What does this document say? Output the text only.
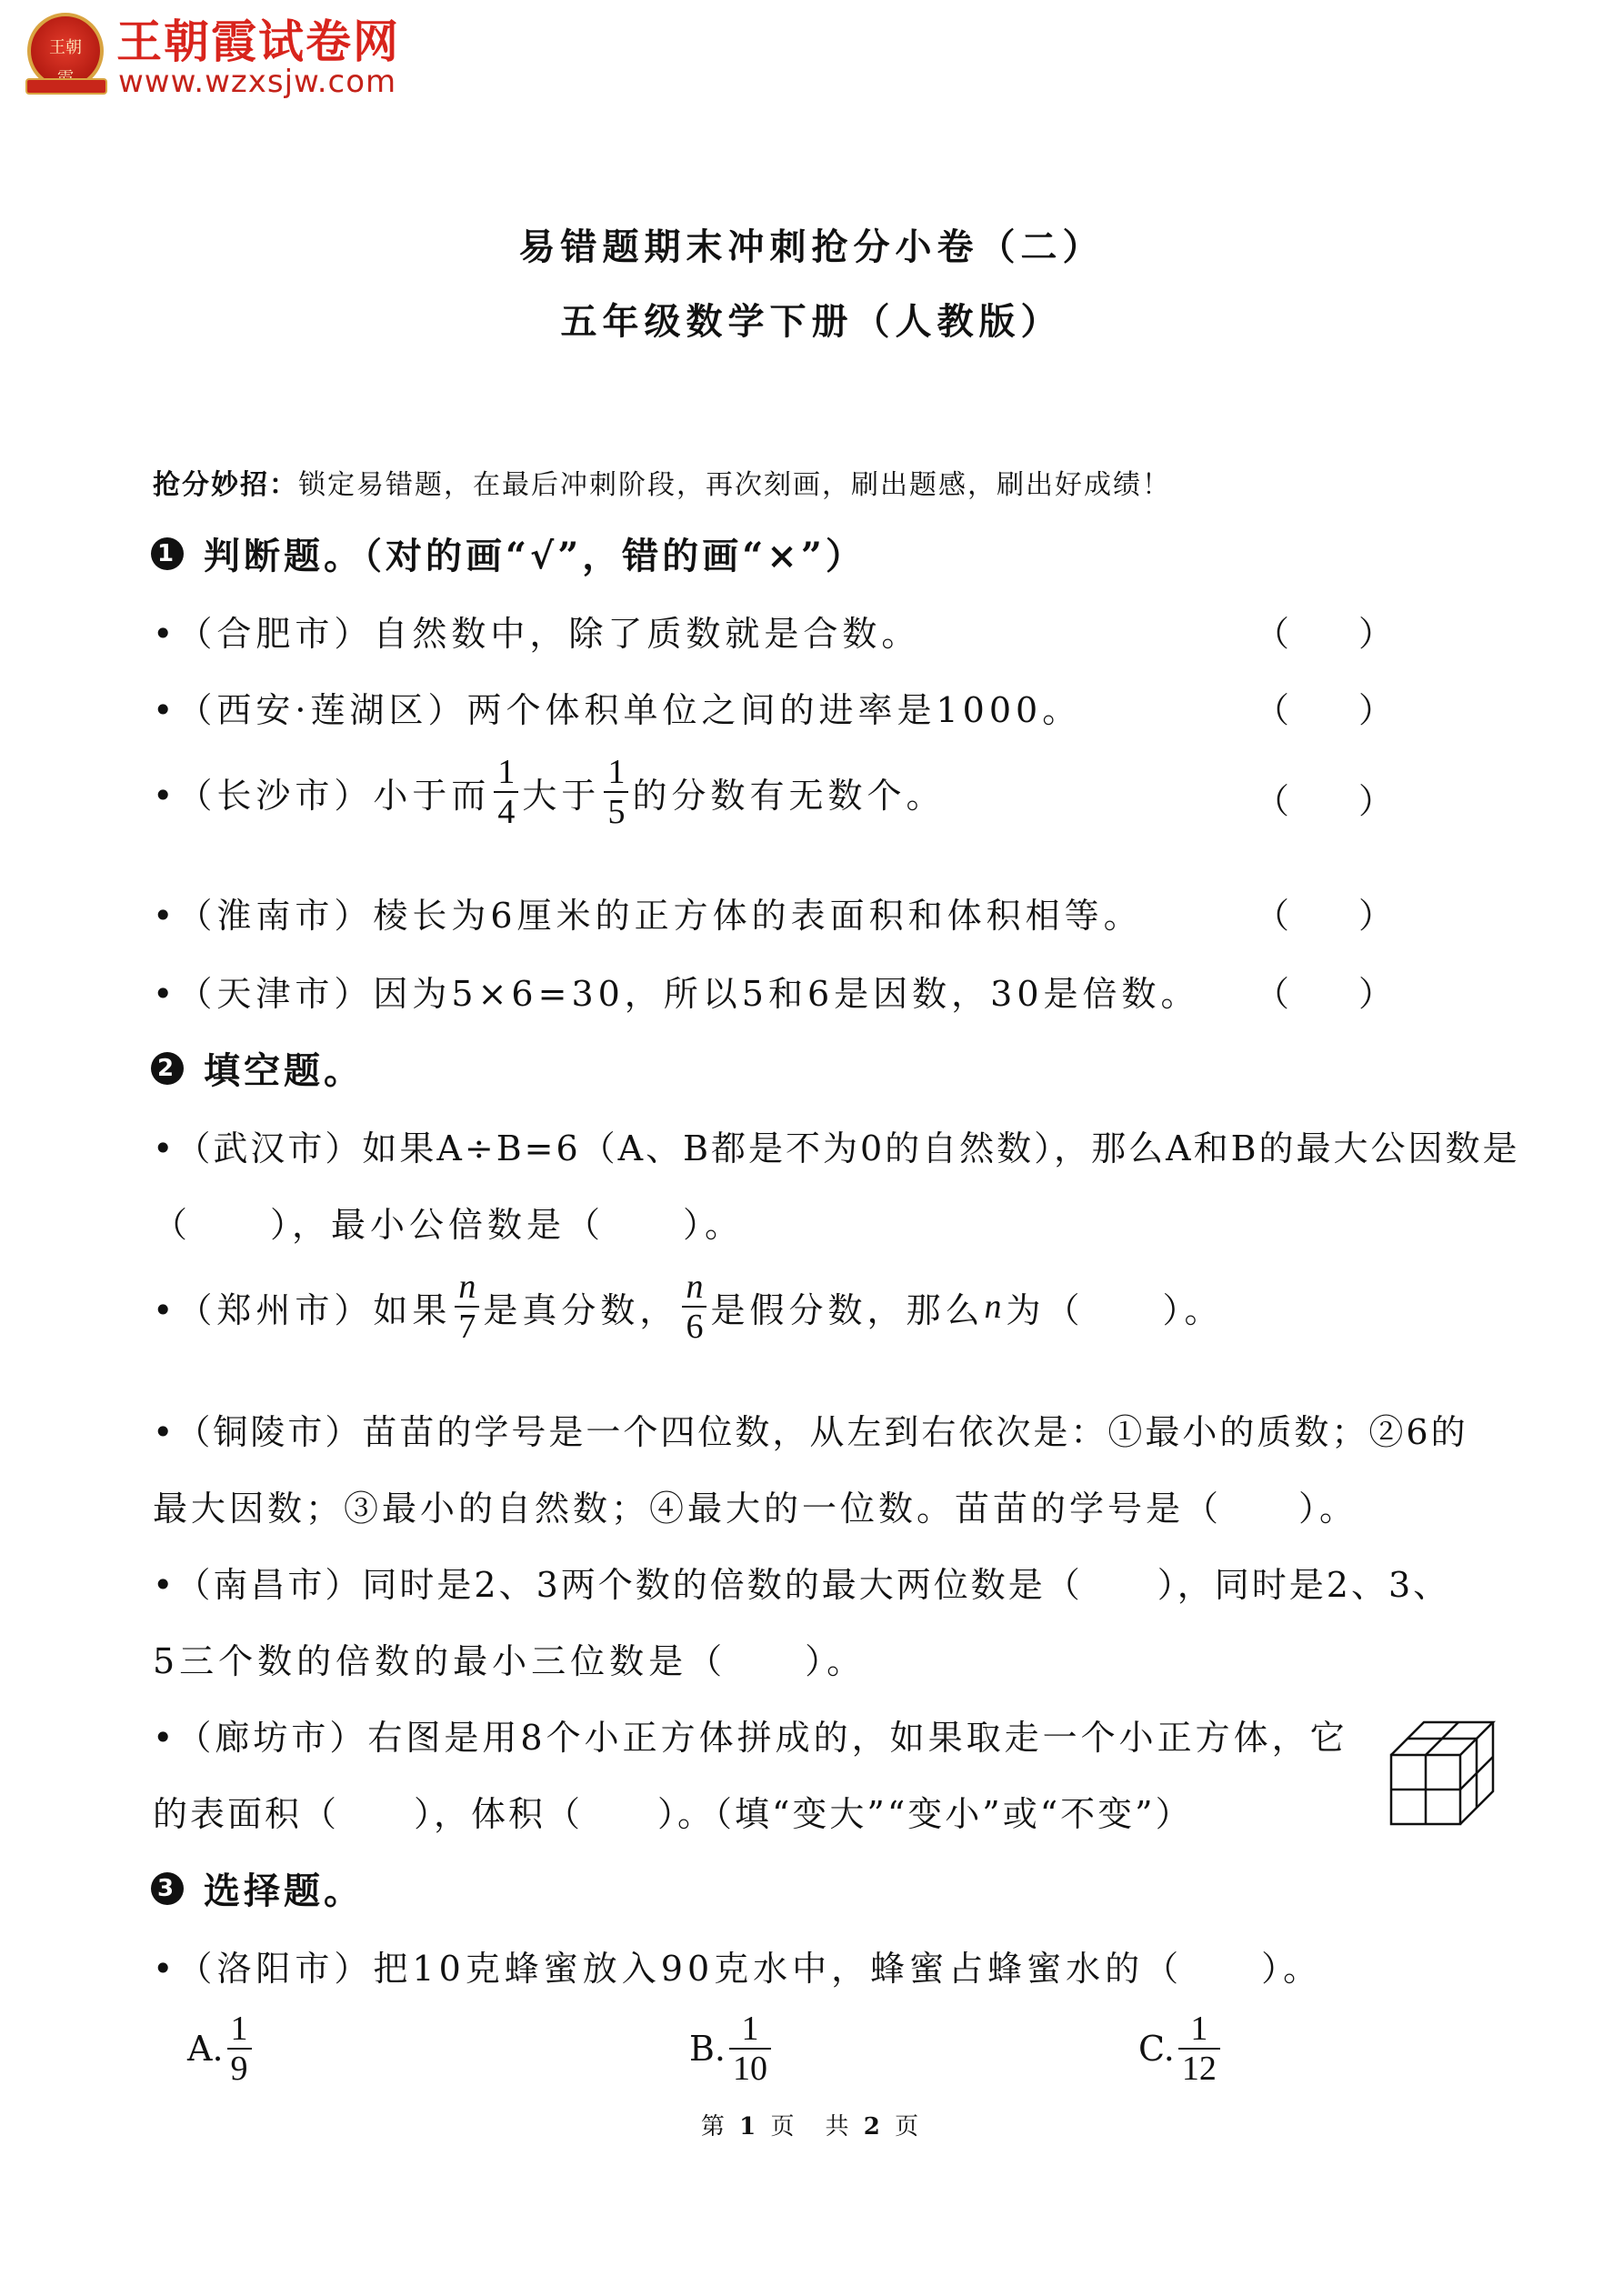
王朝 王朝霞试卷网
www.wzxsjw.com
易错题期末冲刺抢分小卷（二）
五年级数学下册（人教版）
抢分妙招：锁定易错题，在最后冲刺阶段，再次刻画，刷出题感，刷出好成绩！
1 判断题。（对的画“√”，错的画“×”）
•（合肥市）自然数中，除了质数就是合数。	（　　）
•（西安·莲湖区）两个体积单位之间的进率是1000。	（　　）
•（长沙市）小于而 $\frac{1}{4}$ 大于 $\frac{1}{5}$ 的分数有无数个。	（　　）
•（淮南市）棱长为6厘米的正方体的表面积和体积相等。	（　　）
•（天津市）因为5×6=30，所以5和6是因数，30是倍数。 （　　）
2 填空题。
•（武汉市）如果A÷B=6（A、B都是不为0的自然数），那么A和B的最大公因数是
（　　），最小公倍数是（　　）。
•（郑州市）如果 $\frac{n}{7}$ 是真分数， $\frac{n}{6}$ 是假分数，那么 n 为（　　）。
•（铜陵市）苗苗的学号是一个四位数，从左到右依次是：①最小的质数；②6的
最大因数；③最小的自然数；④最大的一位数。苗苗的学号是（　　）。
•（南昌市）同时是2、3两个数的倍数的最大两位数是（　　），同时是2、3、
5三个数的倍数的最小三位数是（　　）。
•（廊坊市）右图是用8个小正方体拼成的，如果取走一个小正方体，它
的表面积（　　），体积（　　）。（填“变大”“变小”或“不变”）
3 选择题。
•（洛阳市）把10克蜂蜜放入90克水中，蜂蜜占蜂蜜水的（　　）。
A. $\frac{1}{9}$	B. $\frac{1}{10}$	C. $\frac{1}{12}$
第 1 页　共 2 页
